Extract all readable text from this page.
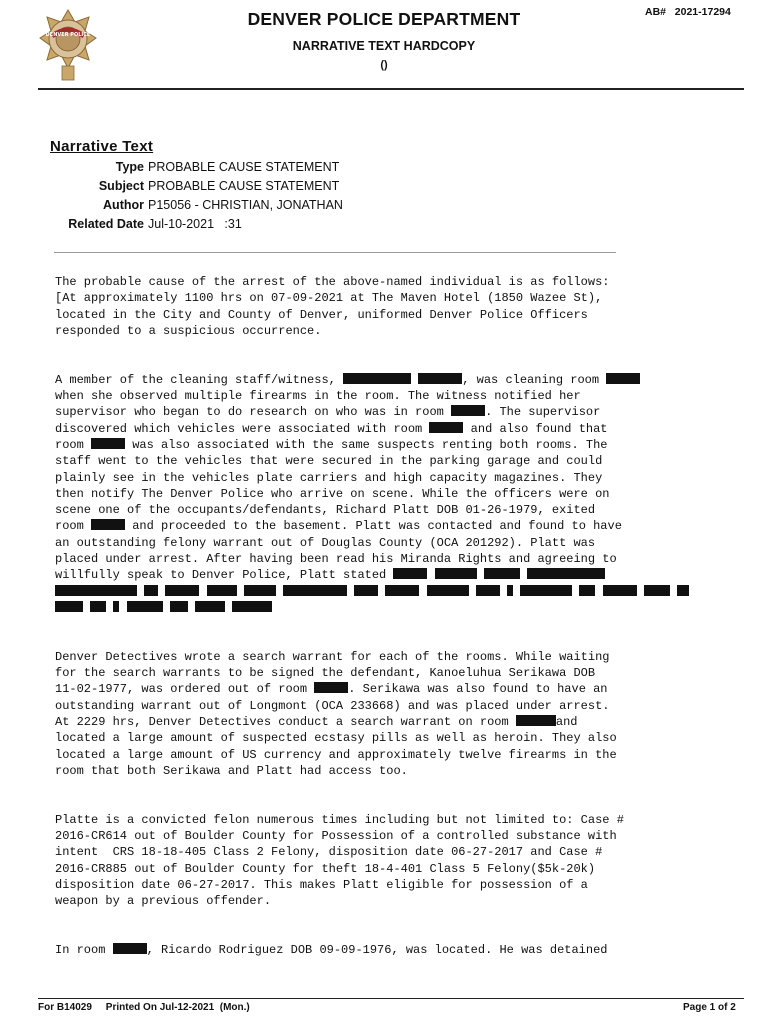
DENVER POLICE
DENVER POLICE DEPARTMENT
NARRATIVE TEXT HARDCOPY
()
AB# 2021-17294
Narrative Text
Type PROBABLE CAUSE STATEMENT
Subject PROBABLE CAUSE STATEMENT
Author P15056 - CHRISTIAN, JONATHAN
Related Date Jul-10-2021   :31

The probable cause of the arrest of the above-named individual is as follows:
[At approximately 1100 hrs on 07-09-2021 at The Maven Hotel (1850 Wazee St),
located in the City and County of Denver, uniformed Denver Police Officers
responded to a suspicious occurrence.

A member of the cleaning staff/witness,	, was cleaning room
when she observed multiple firearms in the room. The witness notified her
supervisor who began to do research on who was in room	. The supervisor
discovered which vehicles were associated with room	and also found that
room	was also associated with the same suspects renting both rooms. The
staff went to the vehicles that were secured in the parking garage and could
plainly see in the vehicles plate carriers and high capacity magazines. They
then notify The Denver Police who arrive on scene. While the officers were on
scene one of the occupants/defendants, Richard Platt DOB 01-26-1979, exited
room	and proceeded to the basement. Platt was contacted and found to have
an outstanding felony warrant out of Douglas County (OCA 201292). Platt was
placed under arrest. After having been read his Miranda Rights and agreeing to
willfully speak to Denver Police, Platt stated

Denver Detectives wrote a search warrant for each of the rooms. While waiting
for the search warrants to be signed the defendant, Kanoeluhua Serikawa DOB
11-02-1977, was ordered out of room	. Serikawa was also found to have an
outstanding warrant out of Longmont (OCA 233668) and was placed under arrest.
At 2229 hrs, Denver Detectives conduct a search warrant on room	and
located a large amount of suspected ecstasy pills as well as heroin. They also
located a large amount of US currency and approximately twelve firearms in the
room that both Serikawa and Platt had access too.

Platte is a convicted felon numerous times including but not limited to: Case #
2016-CR614 out of Boulder County for Possession of a controlled substance with
intent  CRS 18-18-405 Class 2 Felony, disposition date 06-27-2017 and Case #
2016-CR885 out of Boulder County for theft 18-4-401 Class 5 Felony($5k-20k)
disposition date 06-27-2017. This makes Platt eligible for possession of a
weapon by a previous offender.

In room	, Ricardo Rodriguez DOB 09-09-1976, was located. He was detained

For B14029     Printed On Jul-12-2021  (Mon.)	Page 1 of 2
